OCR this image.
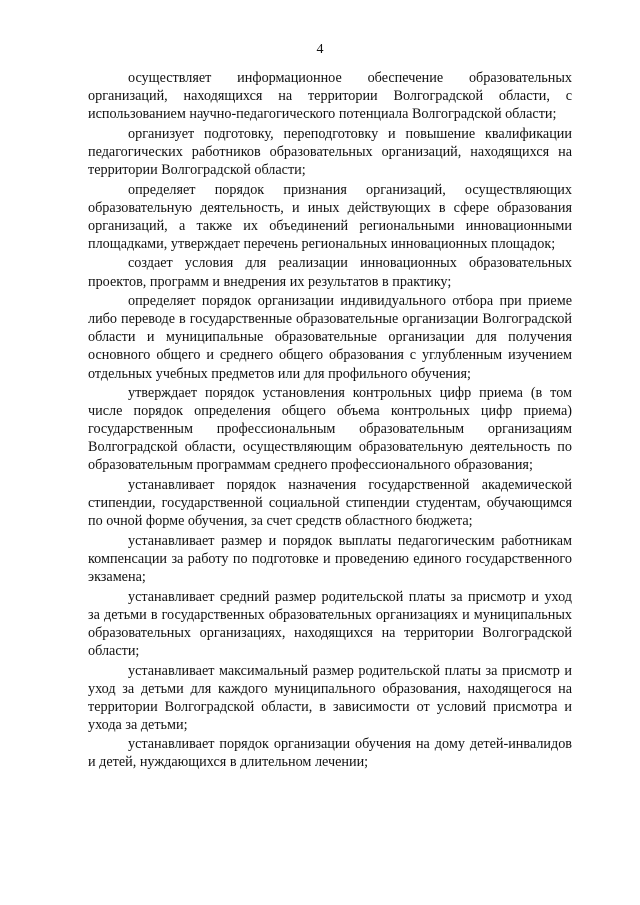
4

осуществляет информационное обеспечение образовательных организаций, находящихся на территории Волгоградской области, с использованием научно-педагогического потенциала Волгоградской области;

организует подготовку, переподготовку и повышение квалификации педагогических работников образовательных организаций, находящихся на территории Волгоградской области;

определяет порядок признания организаций, осуществляющих образовательную деятельность, и иных действующих в сфере образования организаций, а также их объединений региональными инновационными площадками, утверждает перечень региональных инновационных площадок;

создает условия для реализации инновационных образовательных проектов, программ и внедрения их результатов в практику;

определяет порядок организации индивидуального отбора при приеме либо переводе в государственные образовательные организации Волгоградской области и муниципальные образовательные организации для получения основного общего и среднего общего образования с углубленным изучением отдельных учебных предметов или для профильного обучения;

утверждает порядок установления контрольных цифр приема (в том числе порядок определения общего объема контрольных цифр приема) государственным профессиональным образовательным организациям Волгоградской области, осуществляющим образовательную деятельность по образовательным программам среднего профессионального образования;

устанавливает порядок назначения государственной академической стипендии, государственной социальной стипендии студентам, обучающимся по очной форме обучения, за счет средств областного бюджета;

устанавливает размер и порядок выплаты педагогическим работникам компенсации за работу по подготовке и проведению единого государственного экзамена;

устанавливает средний размер родительской платы за присмотр и уход за детьми в государственных образовательных организациях и муниципальных образовательных организациях, находящихся на территории Волгоградской области;

устанавливает максимальный размер родительской платы за присмотр и уход за детьми для каждого муниципального образования, находящегося на территории Волгоградской области, в зависимости от условий присмотра и ухода за детьми;

устанавливает порядок организации обучения на дому детей-инвалидов и детей, нуждающихся в длительном лечении;
